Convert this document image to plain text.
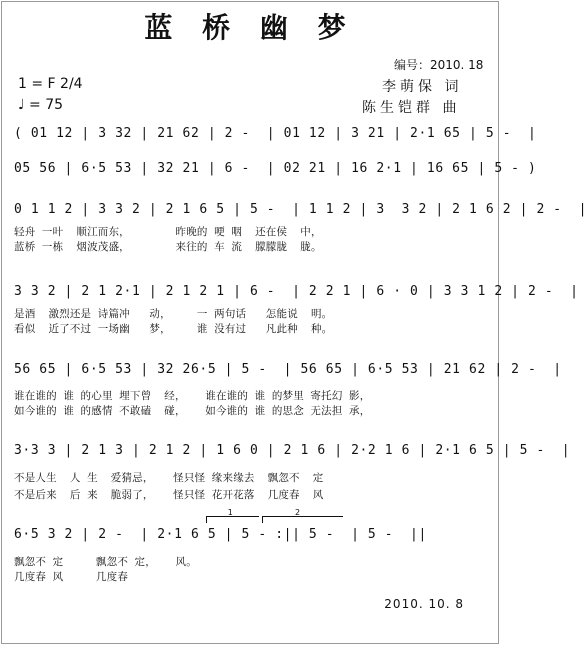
蓝 桥 幽 梦
编号：2010. 18
1 = F 2/4
♩ = 75
李萌保 词
陈生铠群 曲
( 01 12 | 3 32 | 21 62 | 2 -  | 01 12 | 3 21 | 2·1 65 | 5 -  |
05 56 | 6·5 53 | 32 21 | 6 -  | 02 21 | 16 2·1 | 16 65 | 5 - )
0 1 1 2 | 3 3 2 | 2 1 6 5 | 5 -  | 1 1 2 | 3  3 2 | 2 1 6 2 | 2 -  |
轻舟 一叶  顺江而东，       昨晚的 哽 咽  还在侯  中，
蓝桥 一栋  烟波茂盛，       来往的 车 流  朦朦胧  胧。
3 3 2 | 2 1 2·1 | 2 1 2 1 | 6 -  | 2 2 1 | 6 · 0 | 3 3 1 2 | 2 -  |
是酒  激烈还是 诗篇冲   动，    一 两句话   怎能说  明。
看似  近了不过 一场幽   梦，    谁 没有过   凡此种  种。
56 65 | 6·5 53 | 32 26·5 | 5 -  | 56 65 | 6·5 53 | 21 62 | 2 -  |
谁在谁的 谁 的心里 埋下曾  经，   谁在谁的 谁 的梦里 寄托幻 影，
如今谁的 谁 的感情 不敢磕  碰，   如今谁的 谁 的思念 无法担 承，
3·3 3 | 2 1 3 | 2 1 2 | 1 6 0 | 2 1 6 | 2·2 1 6 | 2·1 6 5 | 5 -  |
不是人生  人 生  爱猜忌，   怪只怪 缘来缘去  飘忽不  定
不是后来  后 来  脆弱了，   怪只怪 花开花落  几度春  风
1	2
6·5 3 2 | 2 -  | 2·1 6 5 | 5 - :|| 5 -  | 5 -  ||
飘忽不 定     飘忽不 定，   风。
几度春 风     几度春
2010. 10. 8
